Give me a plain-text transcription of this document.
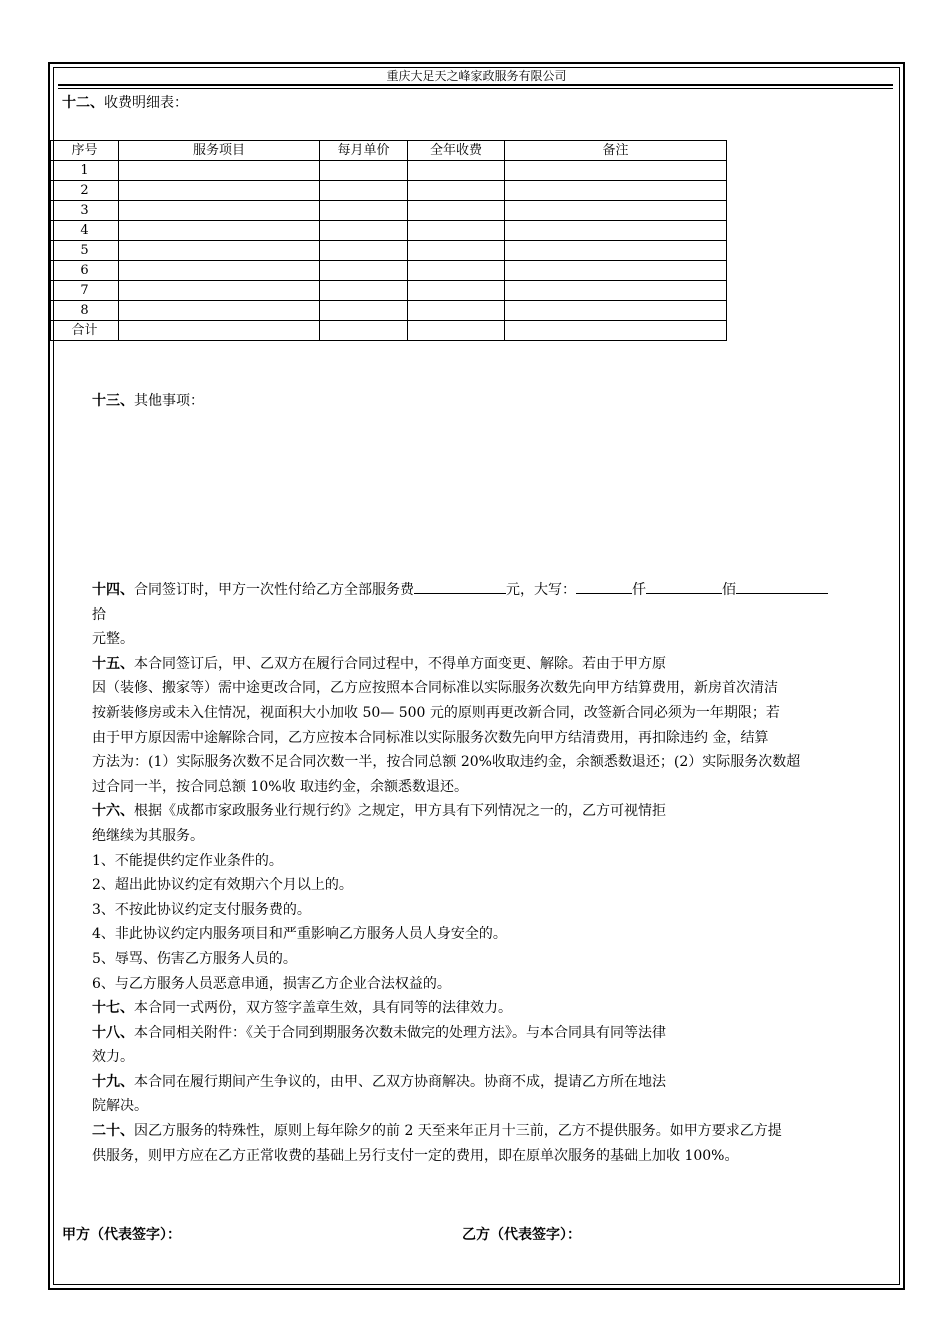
重庆大足天之峰家政服务有限公司
十二、收费明细表：
序号	服务项目	每月单价	全年收费	备注
1				
2				
3				
4				
5				
6				
7				
8				
合计				
十三、其他事项：

十四、合同签订时，甲方一次性付给乙方全部服务费	元，大写：	仟	佰

拾

元整。

十五、本合同签订后，甲、乙双方在履行合同过程中，不得单方面变更、解除。若由于甲方原

因（装修、搬家等）需中途更改合同，乙方应按照本合同标准以实际服务次数先向甲方结算费用，新房首次清洁

按新装修房或未入住情况，视面积大小加收 50— 500 元的原则再更改新合同，改签新合同必须为一年期限；若

由于甲方原因需中途解除合同，乙方应按本合同标准以实际服务次数先向甲方结清费用，再扣除违约 金，结算

方法为：(1）实际服务次数不足合同次数一半，按合同总额 20%收取违约金，余额悉数退还；(2）实际服务次数超

过合同一半，按合同总额 10%收 取违约金，余额悉数退还。

十六、根据《成都市家政服务业行规行约》之规定，甲方具有下列情况之一的，乙方可视情拒

绝继续为其服务。

1、不能提供约定作业条件的。

2、超出此协议约定有效期六个月以上的。

3、不按此协议约定支付服务费的。

4、非此协议约定内服务项目和严重影响乙方服务人员人身安全的。

5、辱骂、伤害乙方服务人员的。

6、与乙方服务人员恶意串通，损害乙方企业合法权益的。

十七、本合同一式两份，双方签字盖章生效，具有同等的法律效力。

十八、本合同相关附件：《关于合同到期服务次数未做完的处理方法》。与本合同具有同等法律

效力。

十九、本合同在履行期间产生争议的，由甲、乙双方协商解决。协商不成，提请乙方所在地法

院解决。

二十、因乙方服务的特殊性，原则上每年除夕的前 2 天至来年正月十三前，乙方不提供服务。如甲方要求乙方提

供服务，则甲方应在乙方正常收费的基础上另行支付一定的费用，即在原单次服务的基础上加收 100%。

甲方（代表签字）：	乙方（代表签字）：
